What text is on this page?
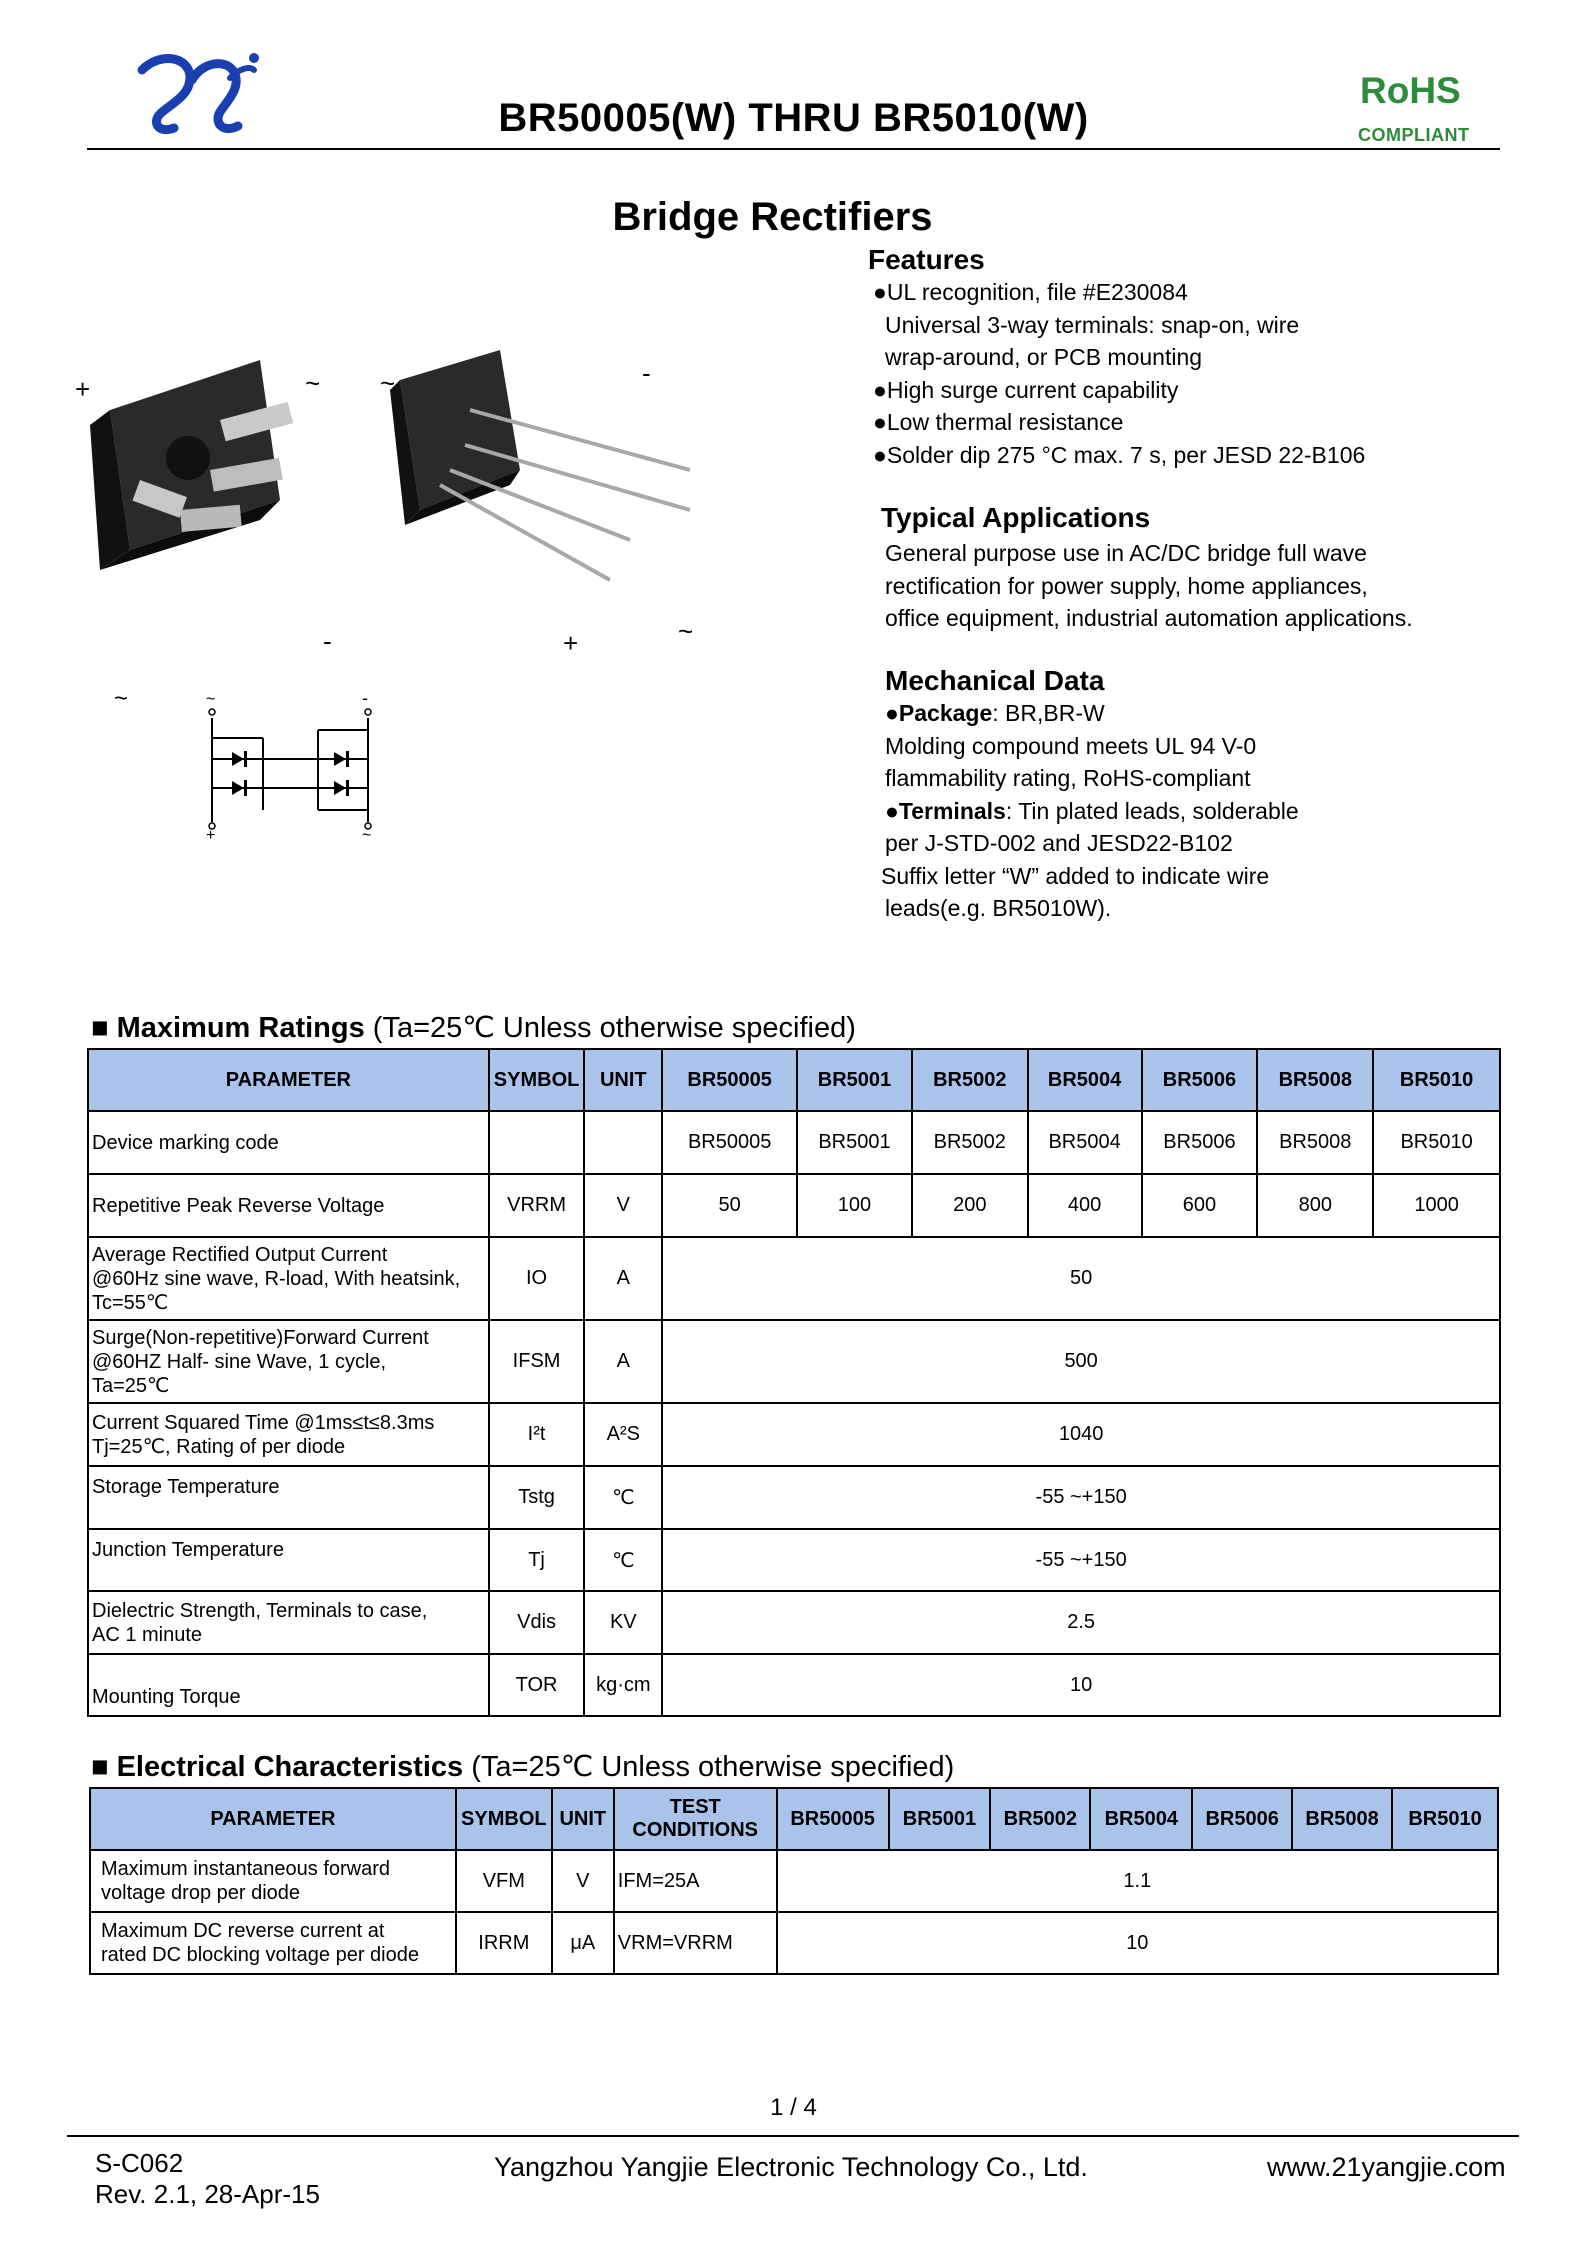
BR50005(W) THRU BR5010(W)
RoHS
COMPLIANT
Bridge Rectifiers
Features
●UL recognition, file #E230084
Universal 3-way terminals: snap-on, wire
wrap-around, or PCB mounting
●High surge current capability
●Low thermal resistance
●Solder dip 275 °C max. 7 s, per JESD 22-B106
Typical Applications
General purpose use in AC/DC bridge full wave
rectification for power supply, home appliances,
office equipment, industrial automation applications.
Mechanical Data
●Package: BR,BR-W
Molding compound meets UL 94 V-0
flammability rating, RoHS-compliant
●Terminals: Tin plated leads, solderable
per J-STD-002 and JESD22-B102
Suffix letter “W” added to indicate wire
leads(e.g. BR5010W).
+	~ ~	-
-	+	~
~	~	-
+	~
■ Maximum Ratings (Ta=25℃ Unless otherwise specified)
PARAMETER	SYMBOL	UNIT	BR50005	BR5001	BR5002	BR5004	BR5006	BR5008	BR5010
Device marking code			BR50005	BR5001	BR5002	BR5004	BR5006	BR5008	BR5010
Repetitive Peak Reverse Voltage	VRRM	V	50	100	200	400	600	800	1000

Average Rectified Output Current
@60Hz sine wave, R-load, With heatsink,
Tc=55℃	IO	A	50						

Surge(Non-repetitive)Forward Current
@60HZ Half- sine Wave, 1 cycle,
Ta=25℃	IFSM	A	500						

Current Squared Time @1ms≤t≤8.3ms
Tj=25℃, Rating of per diode	I²t	A²S	1040						
Storage Temperature	Tstg	℃	-55 ~+150						
Junction Temperature	Tj	℃	-55 ~+150						

Dielectric Strength, Terminals to case,
AC 1 minute	Vdis	KV	2.5						
Mounting Torque	TOR	kg·cm	10						
■ Electrical Characteristics (Ta=25℃ Unless otherwise specified)
PARAMETER	SYMBOL	UNIT	TEST CONDITIONS	BR50005	BR5001	BR5002	BR5004	BR5006	BR5008	BR5010

Maximum instantaneous forward
voltage drop per diode	VFM	V	IFM=25A	1.1						

Maximum DC reverse current at
rated DC blocking voltage per diode	IRRM	μA	VRM=VRRM	10						
1 / 4
S-C062
Rev. 2.1, 28-Apr-15
Yangzhou Yangjie Electronic Technology Co., Ltd.	www.21yangjie.com
